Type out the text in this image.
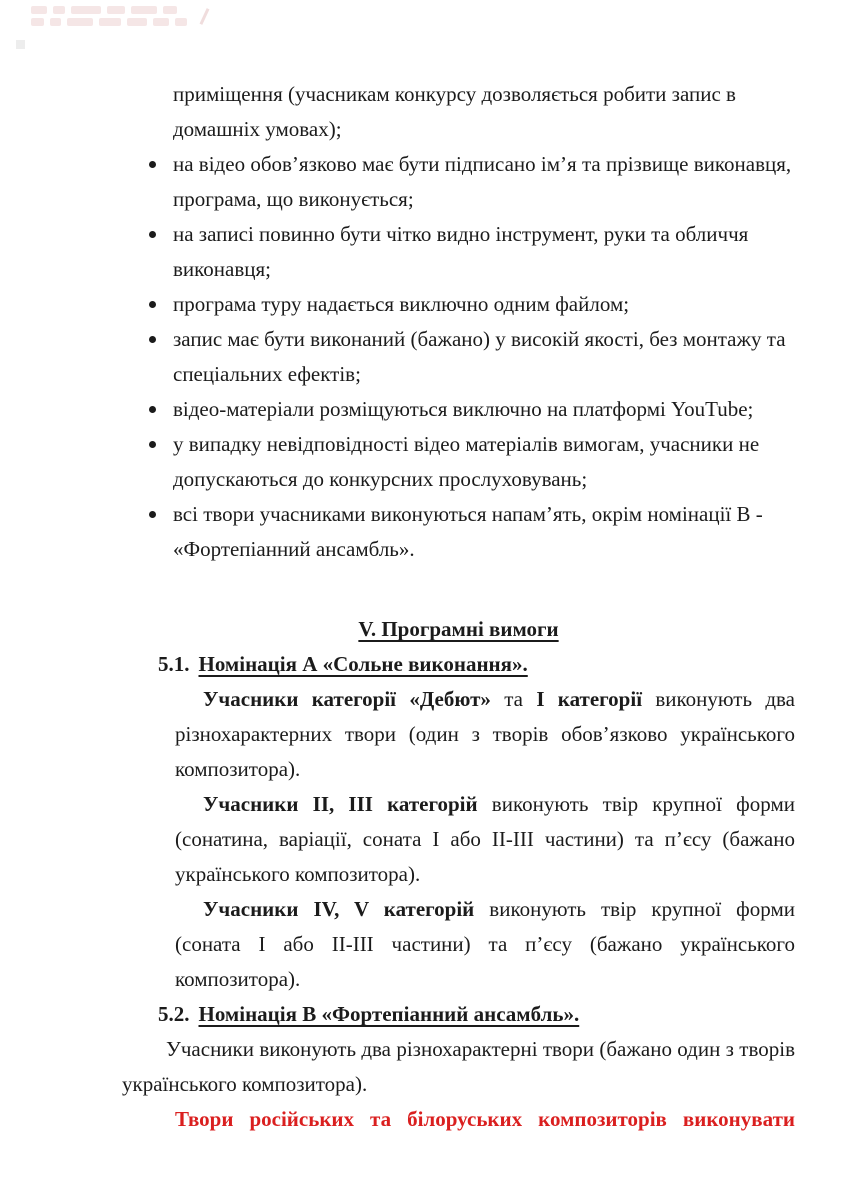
приміщення (учасникам конкурсу дозволяється робити запис в домашніх умовах);
на відео обов’язково має бути підписано ім’я та прізвище виконавця, програма, що виконується;
на записі повинно бути чітко видно інструмент, руки та обличчя виконавця;
програма туру надається виключно одним файлом;
запис має бути виконаний (бажано) у високій якості, без монтажу та спеціальних ефектів;
відео-матеріали розміщуються виключно на платформі YouTube;
у випадку невідповідності відео матеріалів вимогам, учасники не допускаються до конкурсних прослуховувань;
всі твори учасниками виконуються напам’ять, окрім номінації В - «Фортепіанний ансамбль».
V. Програмні вимоги

5.1. Номінація А «Сольне виконання».

Учасники категорії «Дебют» та I категорії виконують два різнохарактерних твори (один з творів обов’язково українського композитора).

Учасники II, III категорій виконують твір крупної форми (сонатина, варіації, соната I або II-III частини) та п’єсу (бажано українського композитора).

Учасники IV, V категорій виконують твір крупної форми (соната I або II-III частини) та п’єсу (бажано українського композитора).

5.2. Номінація В «Фортепіанний ансамбль».

Учасники виконують два різнохарактерні твори (бажано один з творів українського композитора).

Твори російських та білоруських композиторів виконувати
